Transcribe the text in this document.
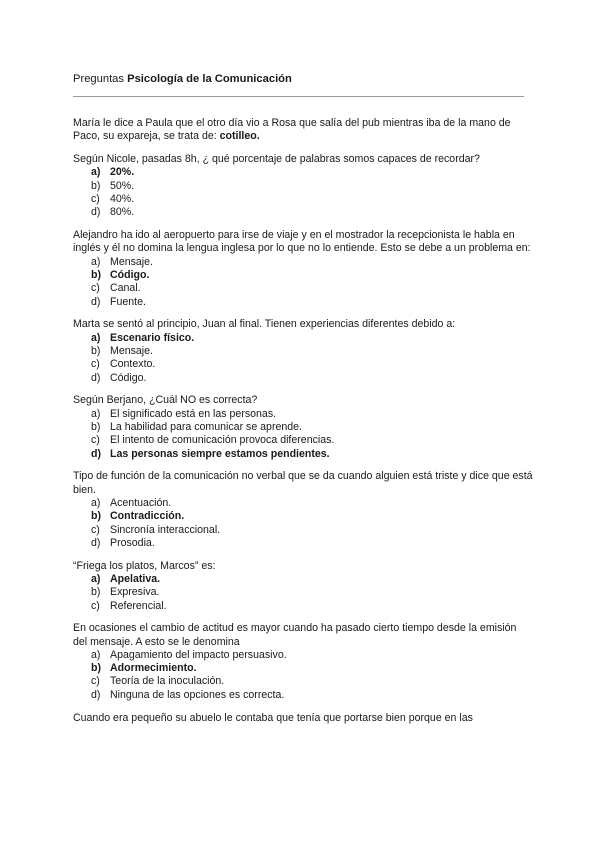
Preguntas Psicología de la Comunicación

María le dice a Paula que el otro día vio a Rosa que salía del pub mientras iba de la mano de Paco, su expareja, se trata de: cotilleo.

Según Nicole, pasadas 8h, ¿ qué porcentaje de palabras somos capaces de recordar?

a) 20%.
b) 50%.
c) 40%.
d) 80%.

Alejandro ha ido al aeropuerto para irse de viaje y en el mostrador la recepcionista le habla en inglés y él no domina la lengua inglesa por lo que no lo entiende. Esto se debe a un problema en:

a) Mensaje.
b) Código.
c) Canal.
d) Fuente.

Marta se sentó al principio, Juan al final. Tienen experiencias diferentes debido a:

a) Escenario físico.
b) Mensaje.
c) Contexto.
d) Código.

Según Berjano, ¿Cuál NO es correcta?

a) El significado está en las personas.
b) La habilidad para comunicar se aprende.
c) El intento de comunicación provoca diferencias.
d) Las personas siempre estamos pendientes.

Tipo de función de la comunicación no verbal que se da cuando alguien está triste y dice que está bien.

a) Acentuación.
b) Contradicción.
c) Sincronía interaccional.
d) Prosodia.

“Friega los platos, Marcos” es:

a) Apelativa.
b) Expresiva.
c) Referencial.

En ocasiones el cambio de actitud es mayor cuando ha pasado cierto tiempo desde la emisión del mensaje. A esto se le denomina

a) Apagamiento del impacto persuasivo.
b) Adormecimiento.
c) Teoría de la inoculación.
d) Ninguna de las opciones es correcta.

Cuando era pequeño su abuelo le contaba que tenía que portarse bien porque en las
